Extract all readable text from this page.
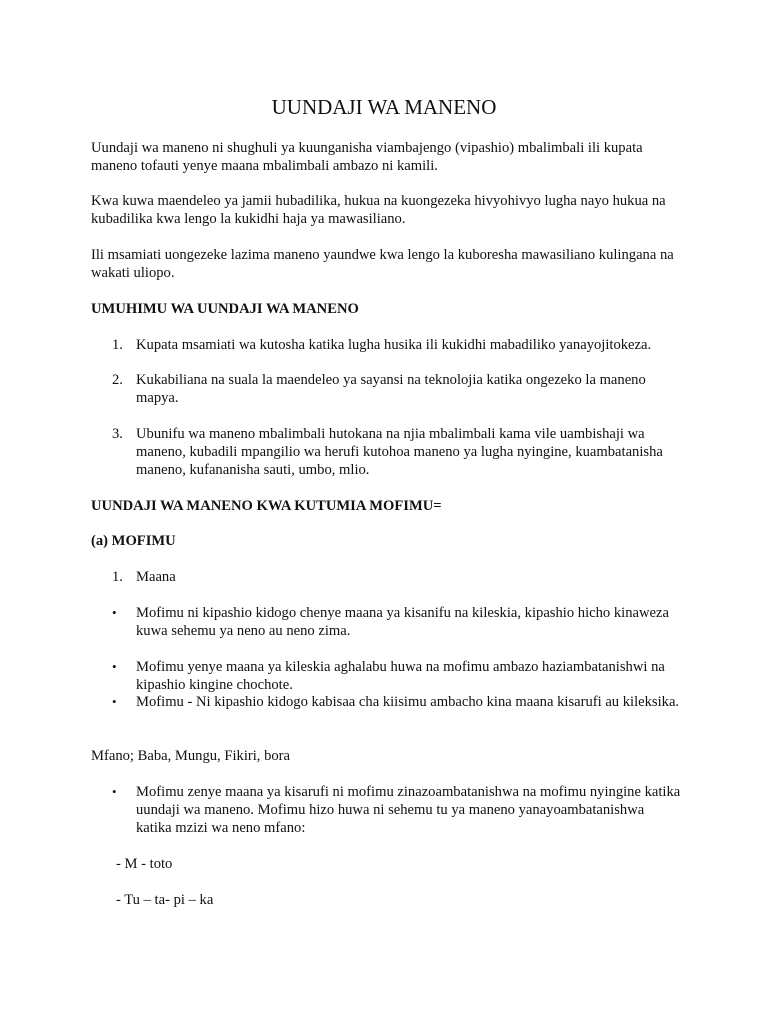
UUNDAJI WA MANENO

Uundaji wa maneno ni shughuli ya kuunganisha viambajengo (vipashio) mbalimbali ili kupata maneno tofauti yenye maana mbalimbali ambazo ni kamili.

Kwa kuwa maendeleo ya jamii hubadilika, hukua na kuongezeka hivyohivyo lugha nayo hukua na kubadilika kwa lengo la kukidhi haja ya mawasiliano.

Ili msamiati uongezeke lazima maneno yaundwe kwa lengo la kuboresha mawasiliano kulingana na wakati uliopo.

UMUHIMU WA UUNDAJI WA MANENO

1. Kupata msamiati wa kutosha katika lugha husika ili kukidhi mabadiliko yanayojitokeza.
2. Kukabiliana na suala la maendeleo ya sayansi na teknolojia katika ongezeko la maneno mapya.
3. Ubunifu wa maneno mbalimbali hutokana na njia mbalimbali kama vile uambishaji wa maneno, kubadili mpangilio wa herufi kutohoa maneno ya lugha nyingine, kuambatanisha maneno, kufananisha sauti, umbo, mlio.

UUNDAJI WA MANENO KWA KUTUMIA MOFIMU=

(a) MOFIMU

1. Maana
•	Mofimu ni kipashio kidogo chenye maana ya kisanifu na kileskia, kipashio hicho kinaweza kuwa sehemu ya neno au neno zima.
•	Mofimu yenye maana ya kileskia aghalabu huwa na mofimu ambazo haziambatanishwi na kipashio kingine chochote.
•	Mofimu - Ni kipashio kidogo kabisaa cha kiisimu ambacho kina maana kisarufi au kileksika.

Mfano; Baba, Mungu, Fikiri, bora

•	Mofimu zenye maana ya kisarufi ni mofimu zinazoambatanishwa na mofimu nyingine katika uundaji wa maneno. Mofimu hizo huwa ni sehemu tu ya maneno yanayoambatanishwa katika mzizi wa neno mfano:
- M - toto
- Tu – ta- pi – ka
